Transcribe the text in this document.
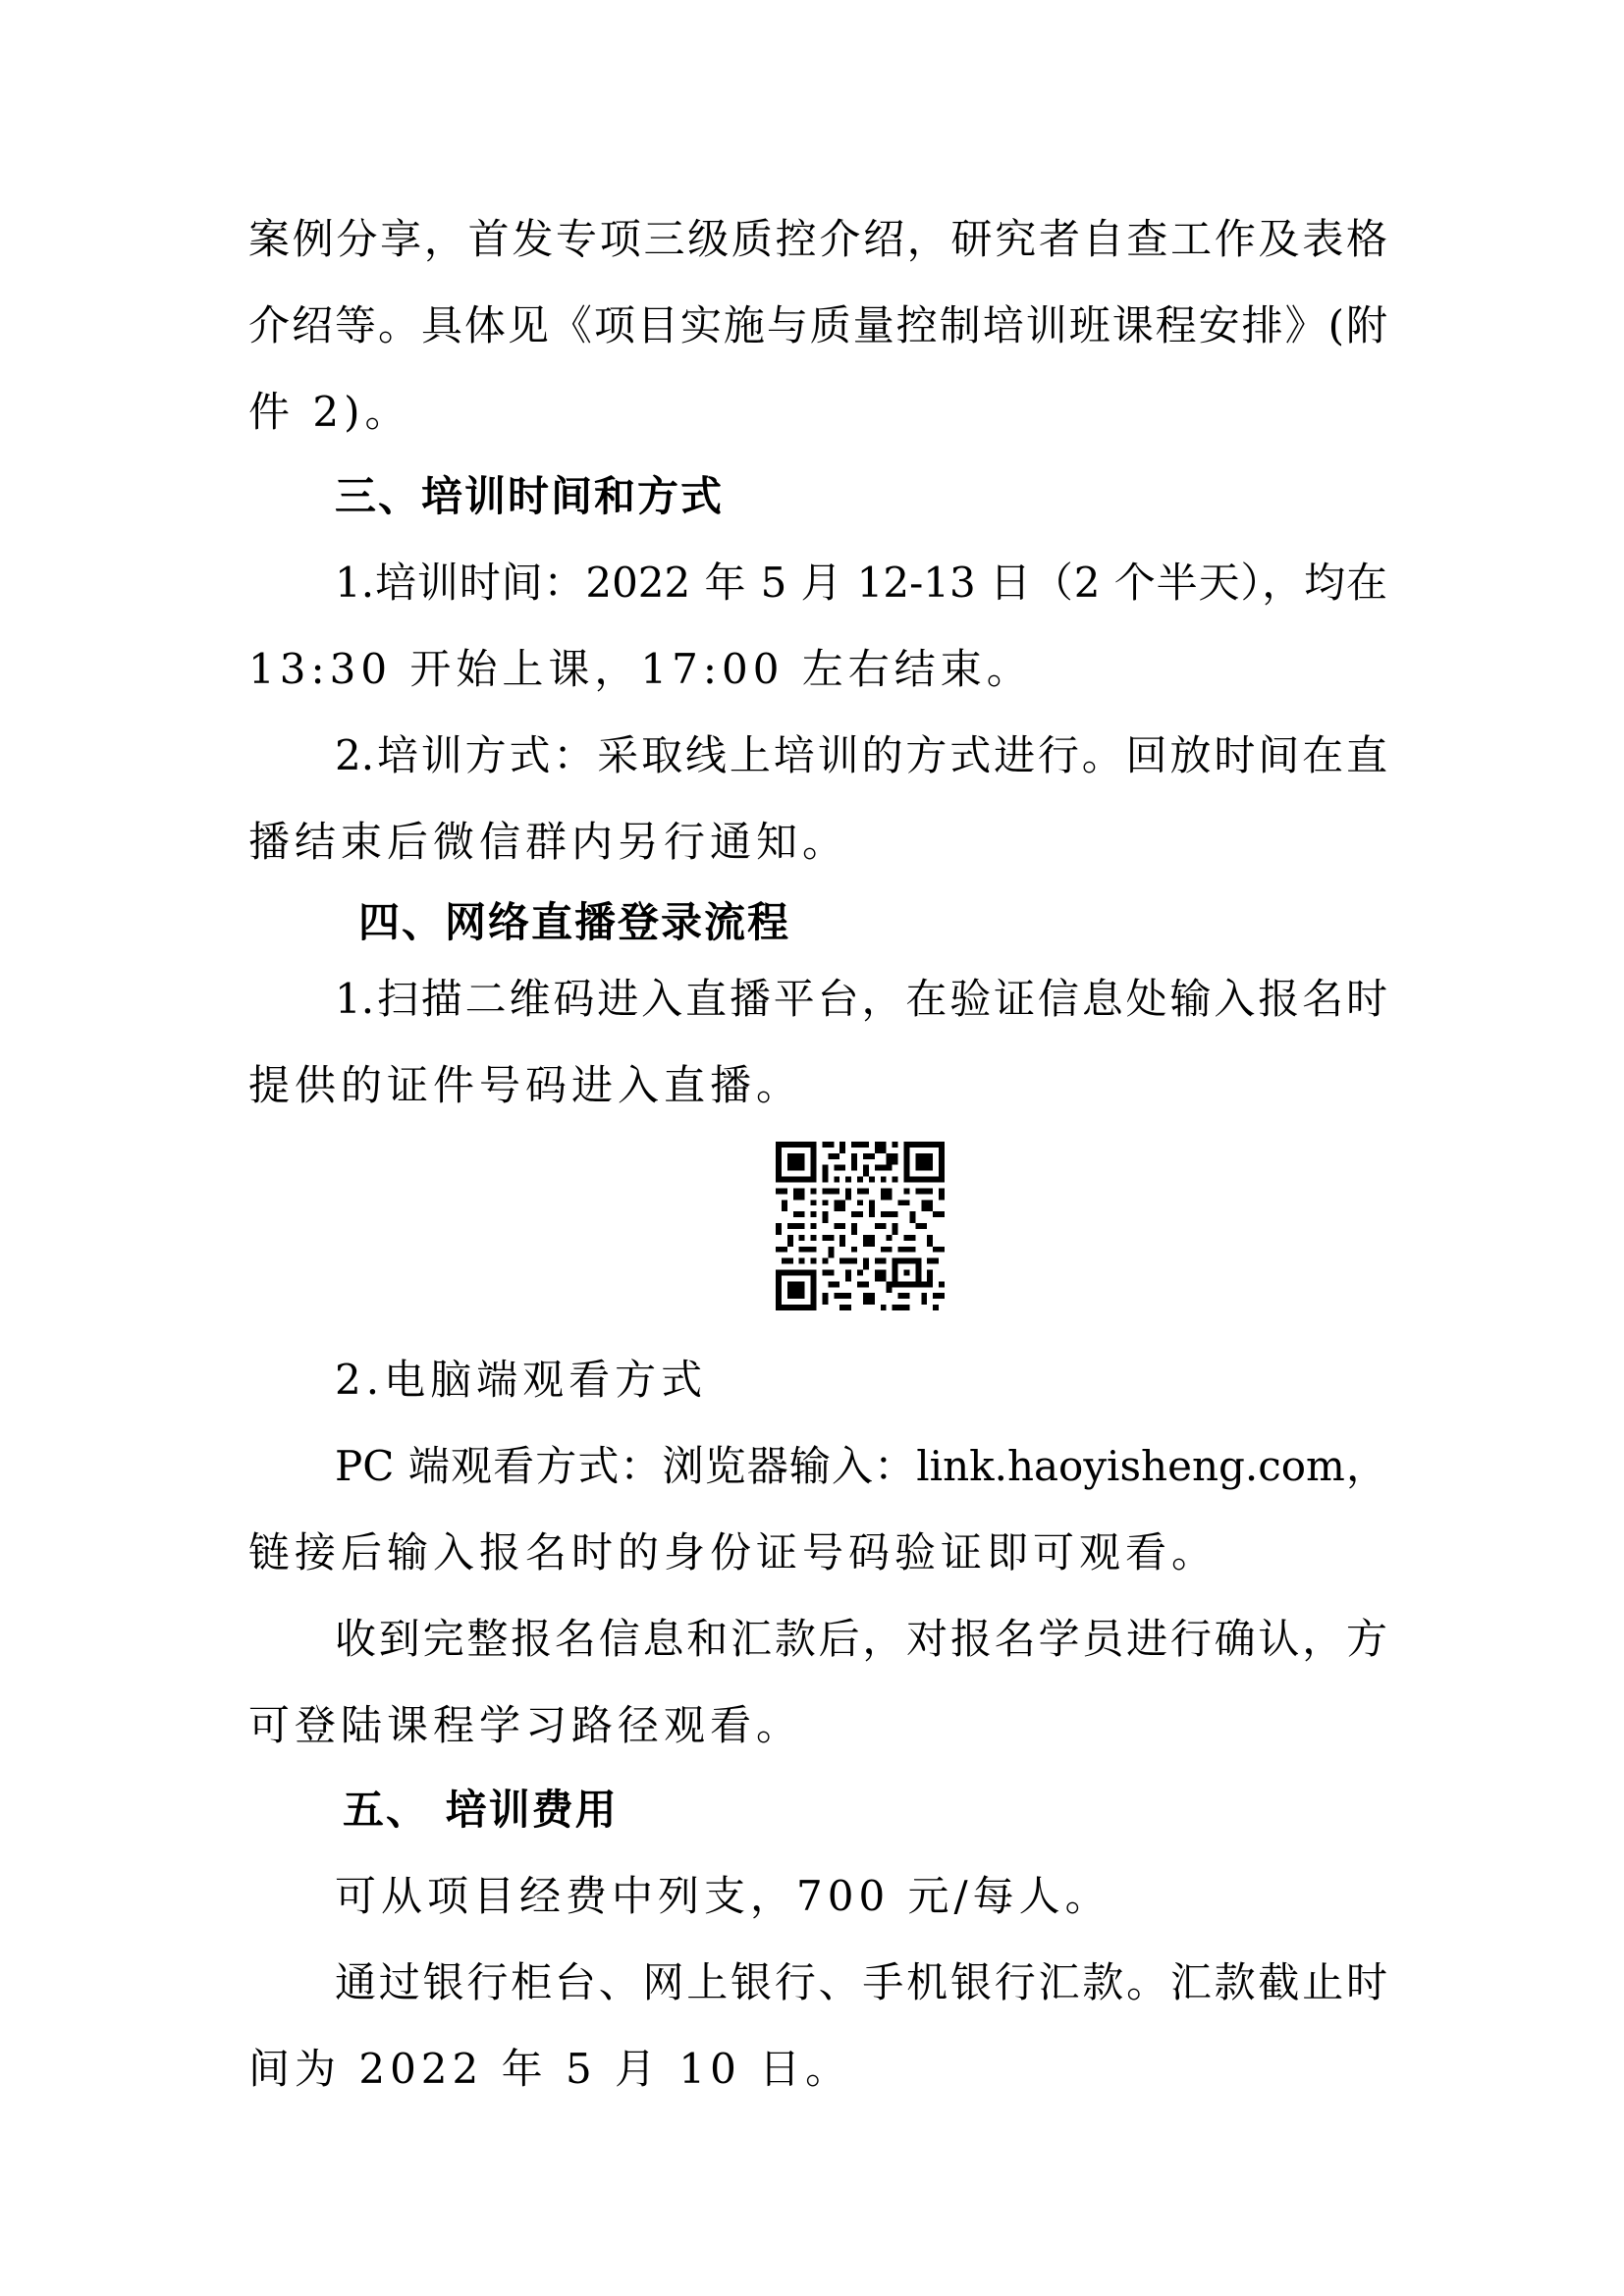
案例分享，首发专项三级质控介绍，研究者自查工作及表格
介绍等。具体见《项目实施与质量控制培训班课程安排》(附
件 2)。
三、培训时间和方式
1.培训时间：2022 年 5 月 12-13 日（2 个半天），均在
13:30 开始上课，17:00 左右结束。
2.培训方式：采取线上培训的方式进行。回放时间在直
播结束后微信群内另行通知。
四、网络直播登录流程
1.扫描二维码进入直播平台，在验证信息处输入报名时
提供的证件号码进入直播。
2.电脑端观看方式
PC 端观看方式：浏览器输入：link.haoyisheng.com，
链接后输入报名时的身份证号码验证即可观看。
收到完整报名信息和汇款后，对报名学员进行确认，方
可登陆课程学习路径观看。
五、 培训费用
可从项目经费中列支，700 元/每人。
通过银行柜台、网上银行、手机银行汇款。汇款截止时
间为 2022 年 5 月 10 日。
